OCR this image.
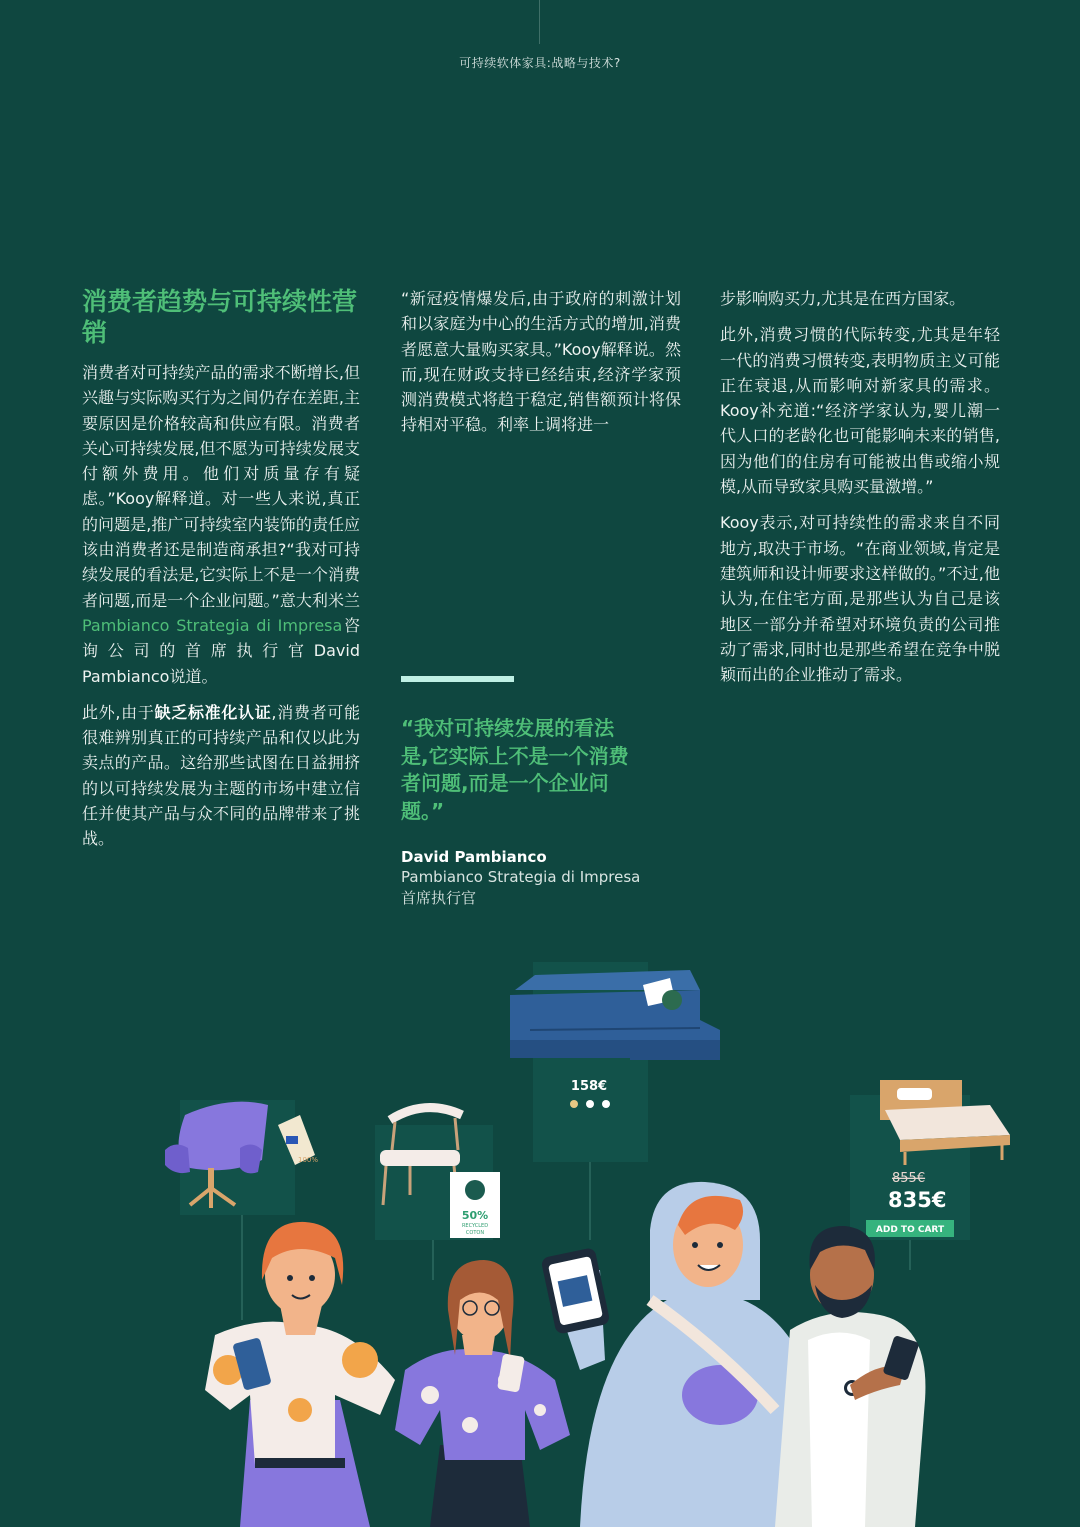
可持续软体家具:战略与技术?
消费者趋势与可持续性营销

消费者对可持续产品的需求不断增长,但兴趣与实际购买行为之间仍存在差距,主要原因是价格较高和供应有限。消费者关心可持续发展,但不愿为可持续发展支付额外费用。他们对质量存有疑虑。”Kooy解释道。对一些人来说,真正的问题是,推广可持续室内装饰的责任应该由消费者还是制造商承担?“我对可持续发展的看法是,它实际上不是一个消费者问题,而是一个企业问题。”意大利米兰 Pambianco Strategia di Impresa咨询公司的首席执行官David Pambianco说道。

此外,由于缺乏标准化认证,消费者可能很难辨别真正的可持续产品和仅以此为卖点的产品。这给那些试图在日益拥挤的以可持续发展为主题的市场中建立信任并使其产品与众不同的品牌带来了挑战。

“新冠疫情爆发后,由于政府的刺激计划和以家庭为中心的生活方式的增加,消费者愿意大量购买家具。”Kooy解释说。然而,现在财政支持已经结束,经济学家预测消费模式将趋于稳定,销售额预计将保持相对平稳。利率上调将进一

步影响购买力,尤其是在西方国家。

此外,消费习惯的代际转变,尤其是年轻一代的消费习惯转变,表明物质主义可能正在衰退,从而影响对新家具的需求。Kooy补充道:“经济学家认为,婴儿潮一代人口的老龄化也可能影响未来的销售,因为他们的住房有可能被出售或缩小规模,从而导致家具购买量激增。”

Kooy表示,对可持续性的需求来自不同地方,取决于市场。“在商业领域,肯定是建筑师和设计师要求这样做的。”不过,他认为,在住宅方面,是那些认为自己是该地区一部分并希望对环境负责的公司推动了需求,同时也是那些希望在竞争中脱颖而出的企业推动了需求。

“我对可持续发展的看法是,它实际上不是一个消费者问题,而是一个企业问题。”
David Pambianco
Pambianco Strategia di Impresa
首席执行官
158€
100%
50%
RECYCLED
COTON
855€
835€
ADD TO CART
